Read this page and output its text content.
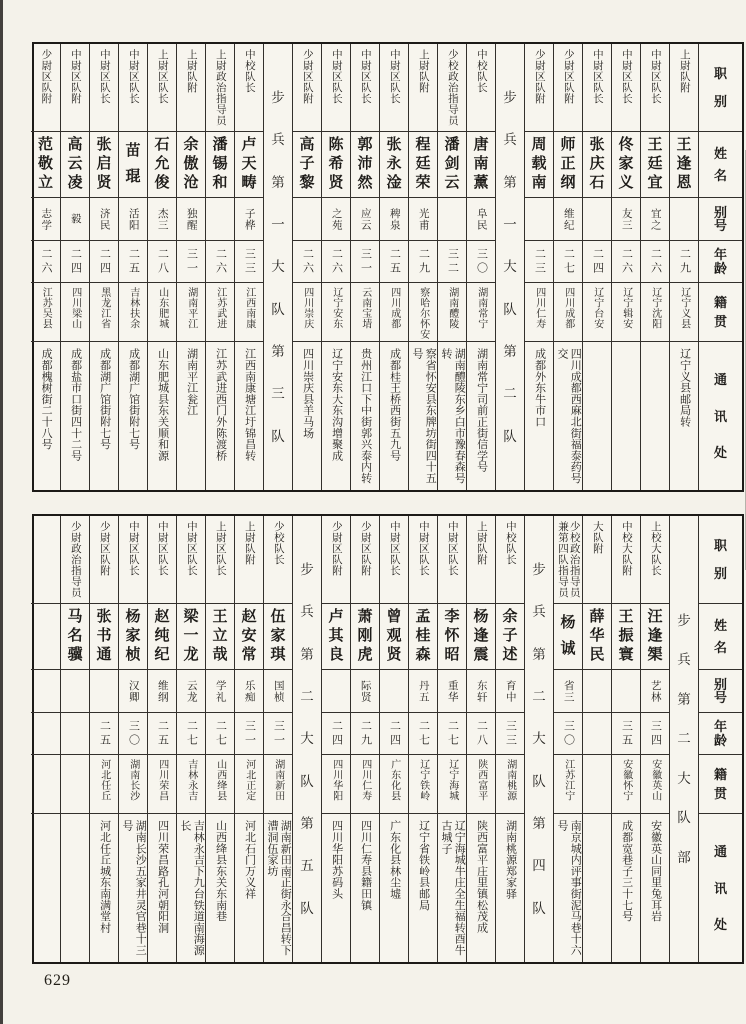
职
别
姓
名
别
号
年
龄
籍
贯
通
讯
处
上尉队附
王
逢
恩
二九
辽宁义县
辽宁义县邮局转
中尉区队长
王
廷
宜
宜之
二六
辽宁沈阳
中尉区队长
佟
家
义
友三
二六
辽宁辑安
中尉区队长
张
庆
石
二四
辽宁台安
少尉区队附
师
正
纲
维纪
二七
四川成都
四川成都西麻北街福泰药号交
少尉区队附
周
载
南
二三
四川仁寿
成都外东牛市口
步
兵
第
一
大
队
第
二
队
中校队长
唐
南
薰
阜民
三〇
湖南常宁
湖南常宁司前正街信学号
少校政治指导员
潘
剑
云
三二
湖南醴陵
湖南醴陵东乡白市豫春森号转
上尉队附
程
廷
荣
光甫
二九
察哈尔怀安
察省怀安县东牌坊街四十五号
中尉区队长
张
永
淦
稗泉
二五
四川成都
成都桂王桥西街五九号
中尉区队长
郭
沛
然
应云
三一
云南宝埥
贵州江口下中街郭兴泰内转
中尉区队长
陈
希
贤
之苑
二六
辽宁安东
辽宁安东大东沟增聚成
少尉区队附
高
子
黎
二六
四川崇庆
四川崇庆县羊马场
步
兵
第
一
大
队
第
三
队
中校队长
卢
天
畴
子桦
三三
江西南康
江西南康塘江圩锦昌转
上尉政治指导员
潘
锡
和
二六
江苏武进
江苏武进西门外陈渡桥
上尉队附
余
傲
沧
独醒
三一
湖南平江
湖南平江瓮江
上尉区队长
石
允
俊
杰三
二八
山东肥城
山东肥城县东关顺和源
中尉区队长
苗
琨
活阳
二五
吉林扶余
成都湖广馆街附七号
中尉区队长
张
启
贤
济民
二四
黑龙江省
成都湖广馆街附七号
中尉区队附
高
云
凌
毅
二四
四川梁山
成都盐市口街四十二号
少尉区队附
范
敬
立
志学
二六
江苏吴县
成都槐树街二十八号
职
别
姓
名
别
号
年
龄
籍
贯
通
讯
处
步
兵
第
二
大
队
部
上校大队长
汪
逢
榘
艺林
三四
安徽英山
安徽英山同里兔耳岩
中校大队附
王
振
寰
三五
安徽怀宁
成都宽巷子三十七号
大队附
薛
华
民
少校政治指导员兼第四队指导员
杨
诚
省三
三〇
江苏江宁
南京城内评事街泥马巷十六号
步
兵
第
二
大
队
第
四
队
中校队长
余
子
述
育中
三三
湖南桃源
湖南桃源郑家驿
上尉队附
杨
逢
震
东轩
二八
陕西富平
陕西富平庄里镇松茂成
中尉区队长
李
怀
昭
重华
二七
辽宁海城
辽宁海城牛庄全生福转酉牛古城子
中尉区队长
孟
桂
森
丹五
二七
辽宁铁岭
辽宁省铁岭县邮局
中尉区队长
曾
观
贤
二四
广东化县
广东化县林尘墟
少尉区队附
萧
刚
虎
际贤
二九
四川仁寿
四川仁寿县籍田镇
少尉区队附
卢
其
良
二四
四川华阳
四川华阳苏码头
步
兵
第
二
大
队
第
五
队
少校队长
伍
家
琪
国桢
三一
湖南新田
湖南新田南正街永合昌转下漕洞伍家坊
上尉队附
赵
安
常
乐痴
三一
河北正定
河北石门万义祥
上尉区队长
王
立
哉
学礼
二七
山西绛县
山西绛县东关东南巷
中尉区队长
梁
一
龙
云龙
二七
吉林永吉
吉林永吉下九台铁道南海源长
中尉区队长
赵
纯
纪
维纲
二五
四川荣昌
四川荣昌路孔河朝阳洞
中尉区队长
杨
家
桢
汉卿
三〇
湖南长沙
湖南长沙五家井灵官巷十三号
少尉区队附
张
书
通
二五
河北任丘
河北任丘城东南满堂村
少尉政治指导员
马
名
骥
629
